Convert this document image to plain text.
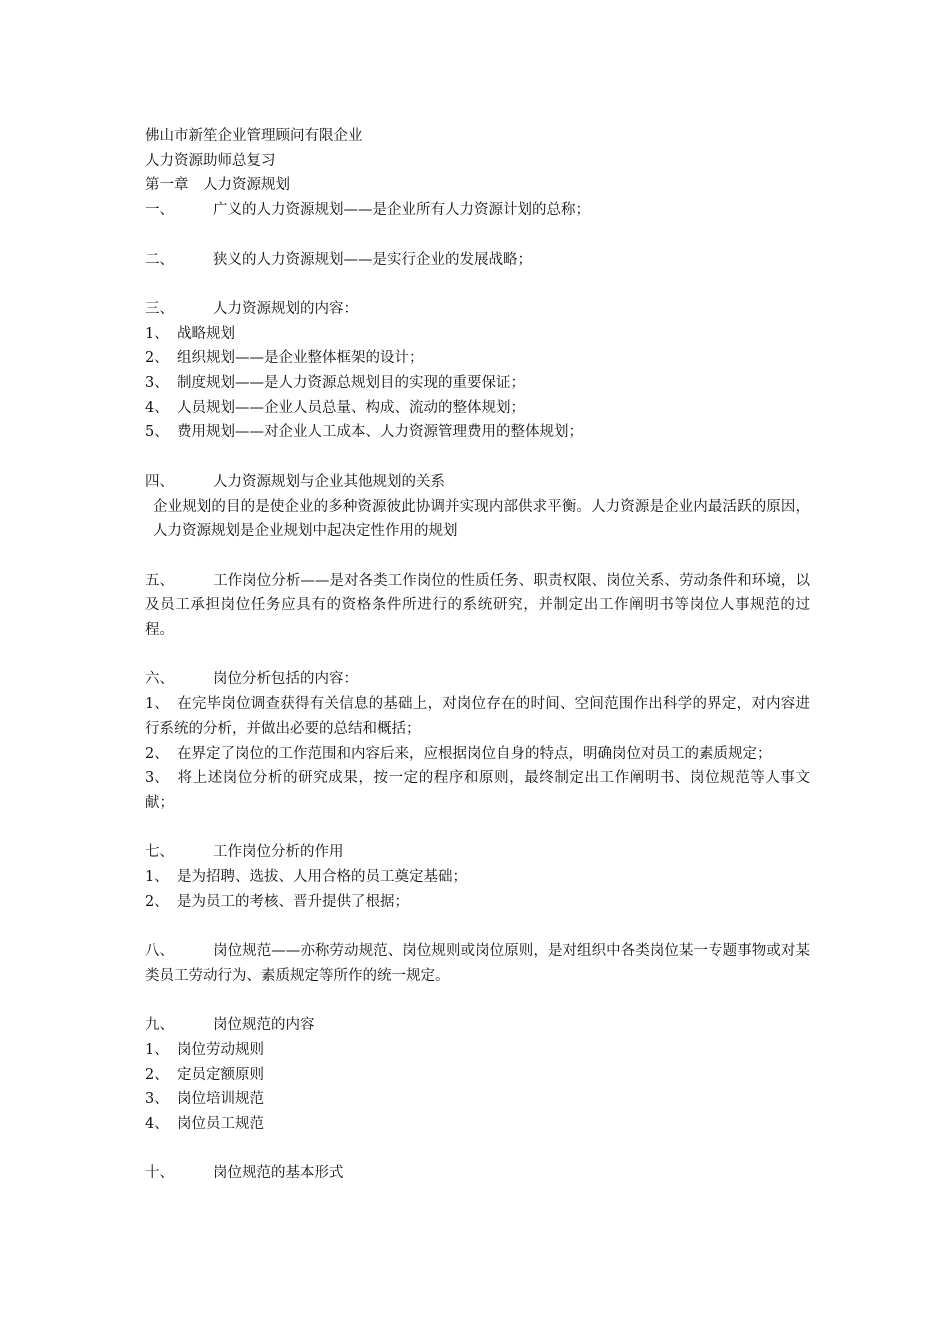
佛山市新笙企业管理顾问有限企业
人力资源助师总复习
第一章　人力资源规划
一、	广义的人力资源规划——是企业所有人力资源计划的总称；
二、	狭义的人力资源规划——是实行企业的发展战略；
三、	人力资源规划的内容：
1、 战略规划
2、 组织规划——是企业整体框架的设计；
3、 制度规划——是人力资源总规划目的实现的重要保证；
4、 人员规划——企业人员总量、构成、流动的整体规划；
5、 费用规划——对企业人工成本、人力资源管理费用的整体规划；
四、	人力资源规划与企业其他规划的关系
企业规划的目的是使企业的多种资源彼此协调并实现内部供求平衡。人力资源是企业内最活跃的原因，人力资源规划是企业规划中起决定性作用的规划
五、	工作岗位分析——是对各类工作岗位的性质任务、职责权限、岗位关系、劳动条件和环境，以及员工承担岗位任务应具有的资格条件所进行的系统研究，并制定出工作阐明书等岗位人事规范的过程。
六、	岗位分析包括的内容：
1、 在完毕岗位调查获得有关信息的基础上，对岗位存在的时间、空间范围作出科学的界定，对内容进行系统的分析，并做出必要的总结和概括；
2、 在界定了岗位的工作范围和内容后来，应根据岗位自身的特点，明确岗位对员工的素质规定；
3、 将上述岗位分析的研究成果，按一定的程序和原则，最终制定出工作阐明书、岗位规范等人事文献；
七、	工作岗位分析的作用
1、 是为招聘、选拔、人用合格的员工奠定基础；
2、 是为员工的考核、晋升提供了根据；
八、	岗位规范——亦称劳动规范、岗位规则或岗位原则，是对组织中各类岗位某一专题事物或对某类员工劳动行为、素质规定等所作的统一规定。
九、	岗位规范的内容
1、 岗位劳动规则
2、 定员定额原则
3、 岗位培训规范
4、 岗位员工规范
十、	岗位规范的基本形式
